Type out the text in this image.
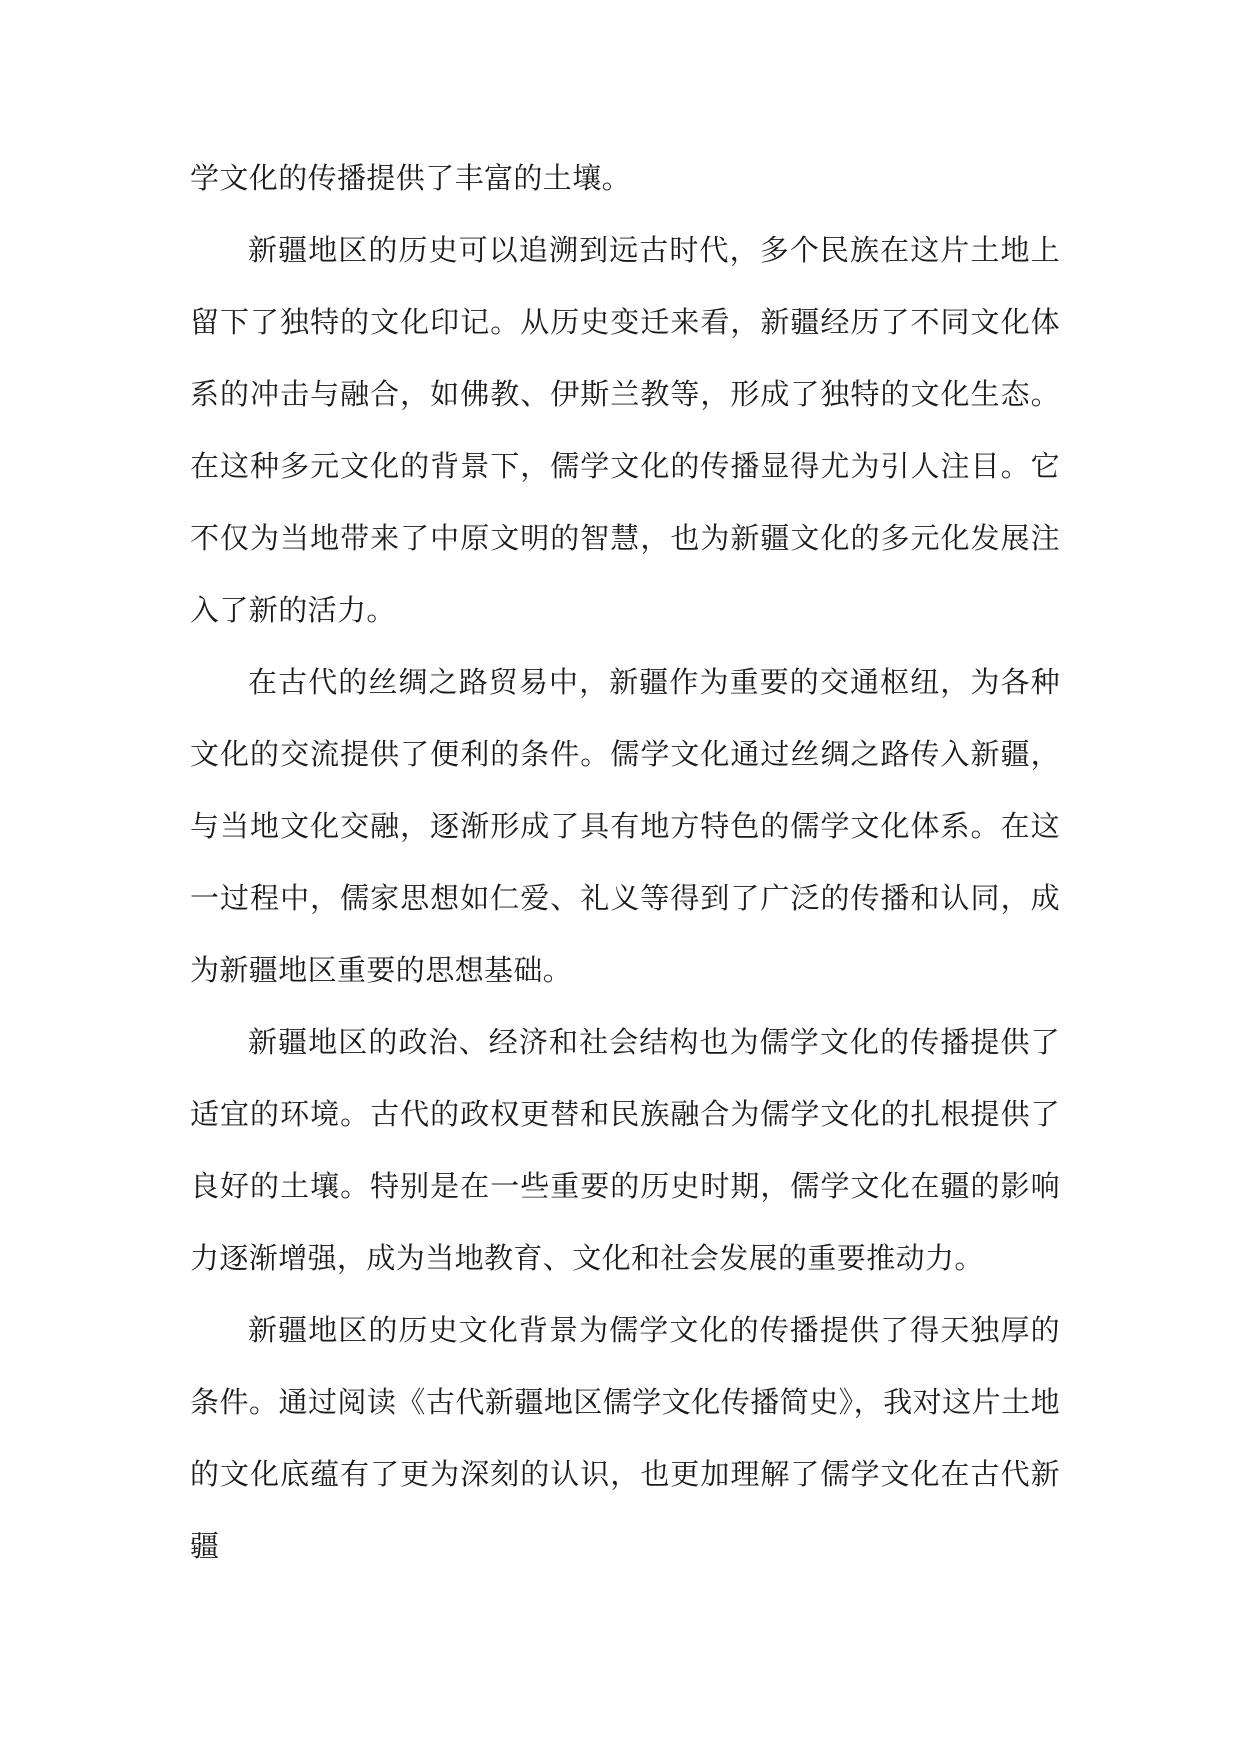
学文化的传播提供了丰富的土壤。

新疆地区的历史可以追溯到远古时代，多个民族在这片土地上留下了独特的文化印记。从历史变迁来看，新疆经历了不同文化体系的冲击与融合，如佛教、伊斯兰教等，形成了独特的文化生态。在这种多元文化的背景下，儒学文化的传播显得尤为引人注目。它不仅为当地带来了中原文明的智慧，也为新疆文化的多元化发展注入了新的活力。

在古代的丝绸之路贸易中，新疆作为重要的交通枢纽，为各种文化的交流提供了便利的条件。儒学文化通过丝绸之路传入新疆，与当地文化交融，逐渐形成了具有地方特色的儒学文化体系。在这一过程中，儒家思想如仁爱、礼义等得到了广泛的传播和认同，成为新疆地区重要的思想基础。

新疆地区的政治、经济和社会结构也为儒学文化的传播提供了适宜的环境。古代的政权更替和民族融合为儒学文化的扎根提供了良好的土壤。特别是在一些重要的历史时期，儒学文化在疆的影响力逐渐增强，成为当地教育、文化和社会发展的重要推动力。

新疆地区的历史文化背景为儒学文化的传播提供了得天独厚的条件。通过阅读《古代新疆地区儒学文化传播简史》，我对这片土地的文化底蕴有了更为深刻的认识，也更加理解了儒学文化在古代新疆
